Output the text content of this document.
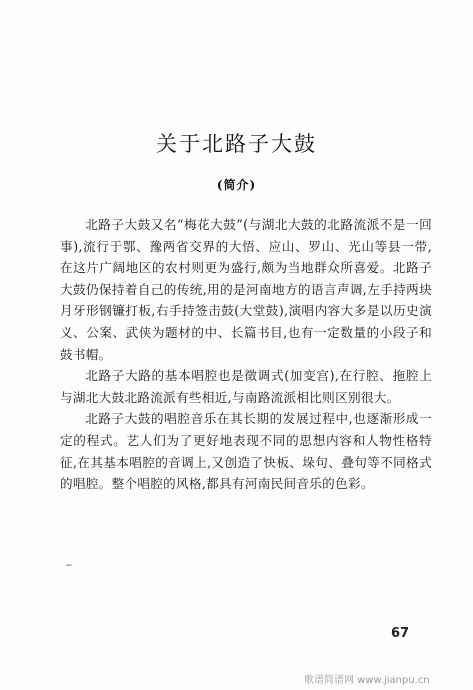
关于北路子大鼓
(简介)

北路子大鼓又名“梅花大鼓”(与湖北大鼓的北路流派不是一回事),流行于鄂、豫两省交界的大悟、应山、罗山、光山等县一带,在这片广阔地区的农村则更为盛行,颇为当地群众所喜爱。北路子大鼓仍保持着自己的传统,用的是河南地方的语言声调,左手持两块月牙形钢镰打板,右手持签击鼓(大堂鼓),演唱内容大多是以历史演义、公案、武侠为题材的中、长篇书目,也有一定数量的小段子和鼓书帽。

北路子大路的基本唱腔也是徵调式(加变宫),在行腔、拖腔上与湖北大鼓北路流派有些相近,与南路流派相比则区别很大。

北路子大鼓的唱腔音乐在其长期的发展过程中,也逐渐形成一定的程式。艺人们为了更好地表现不同的思想内容和人物性格特征,在其基本唱腔的音调上,又创造了快板、垛句、叠句等不同格式的唱腔。整个唱腔的风格,都具有河南民间音乐的色彩。

--
67
歌谱简谱网 www.jianpu.cn
